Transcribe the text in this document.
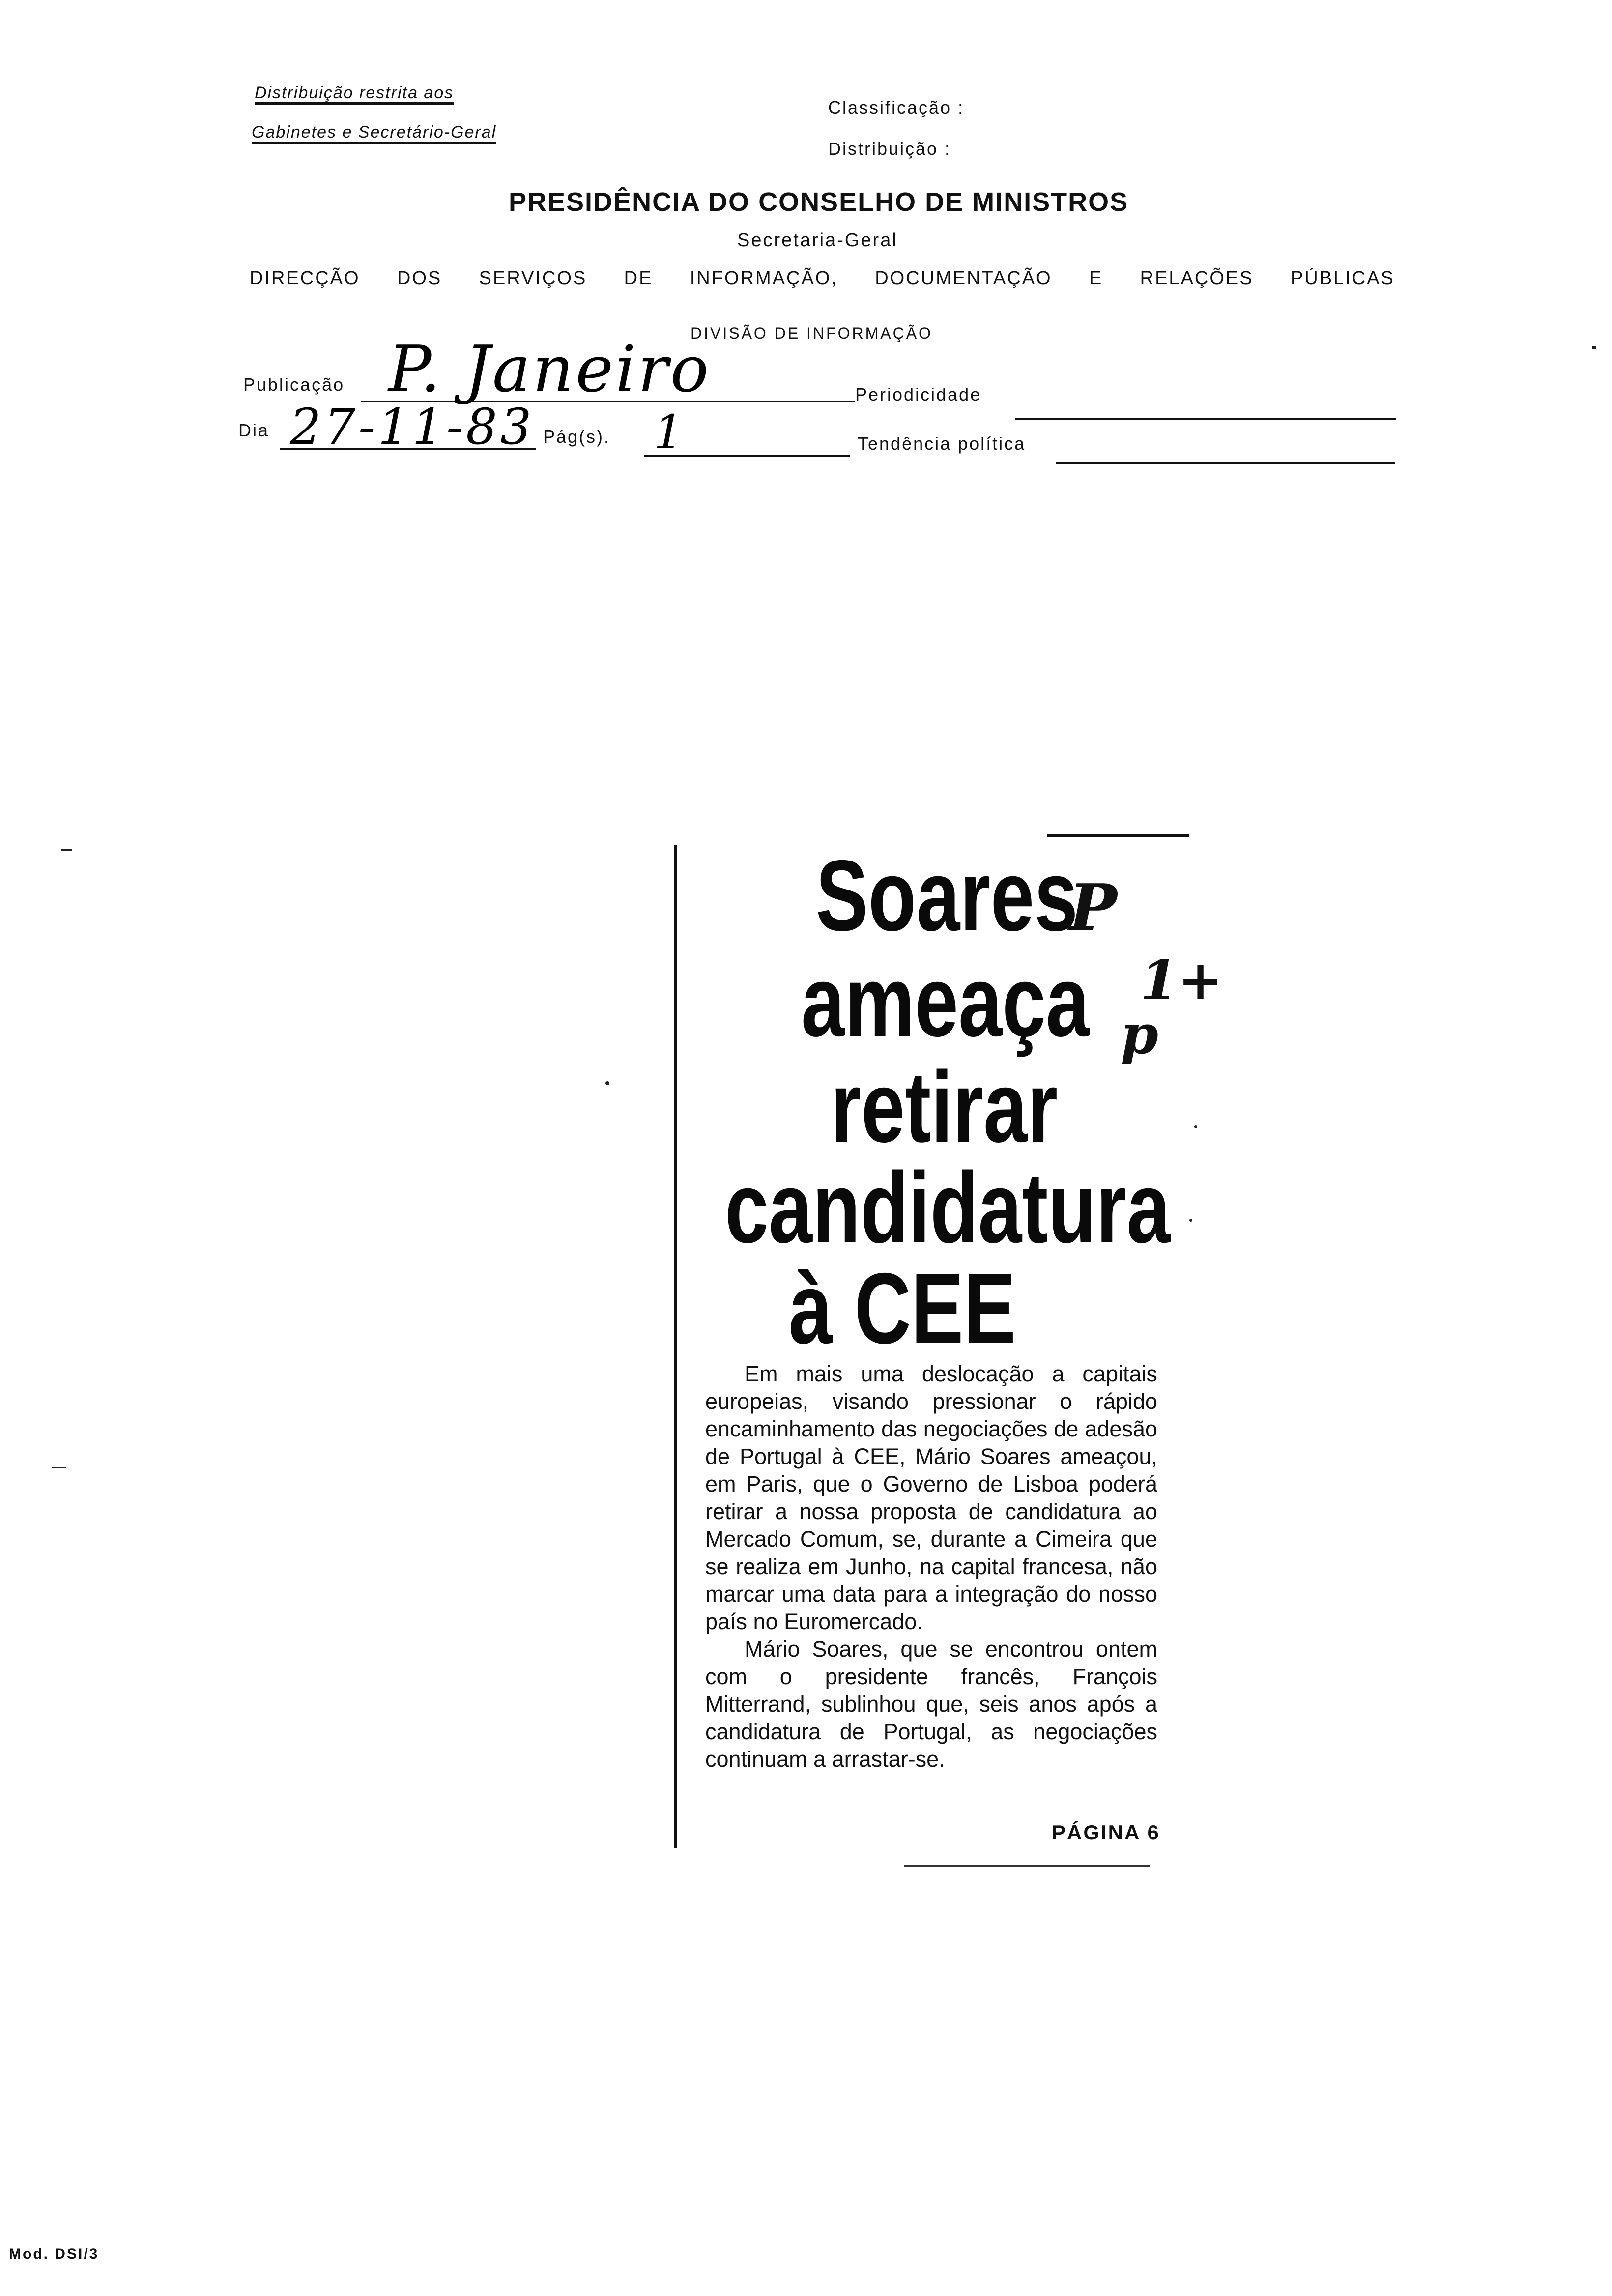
Distribuição restrita aos
Gabinetes e Secretário-Geral
Classificação :
Distribuição :
PRESIDÊNCIA DO CONSELHO DE MINISTROS
Secretaria-Geral
DIRECÇÃO DOS SERVIÇOS DE INFORMAÇÃO, DOCUMENTAÇÃO E RELAÇÕES PÚBLICAS
DIVISÃO DE INFORMAÇÃO
Publicação P. Janeiro	Periodicidade
Dia 27-11-83 Pág(s). 1	Tendência política
Soares
ameaça
retirar
candidatura
à CEE
P
1+
p

Em mais uma deslocação a capitais europeias, visando pressionar o rápido encaminhamento das negociações de adesão de Portugal à CEE, Mário Soares ameaçou, em Paris, que o Governo de Lisboa poderá retirar a nossa proposta de candidatura ao Mercado Comum, se, durante a Cimeira que se realiza em Junho, na capital francesa, não marcar uma data para a integração do nosso país no Euromercado.

Mário Soares, que se encontrou ontem com o presidente francês, François Mitterrand, sublinhou que, seis anos após a candidatura de Portugal, as negociações continuam a arrastar-se.

PÁGINA 6
Mod. DSI/3
